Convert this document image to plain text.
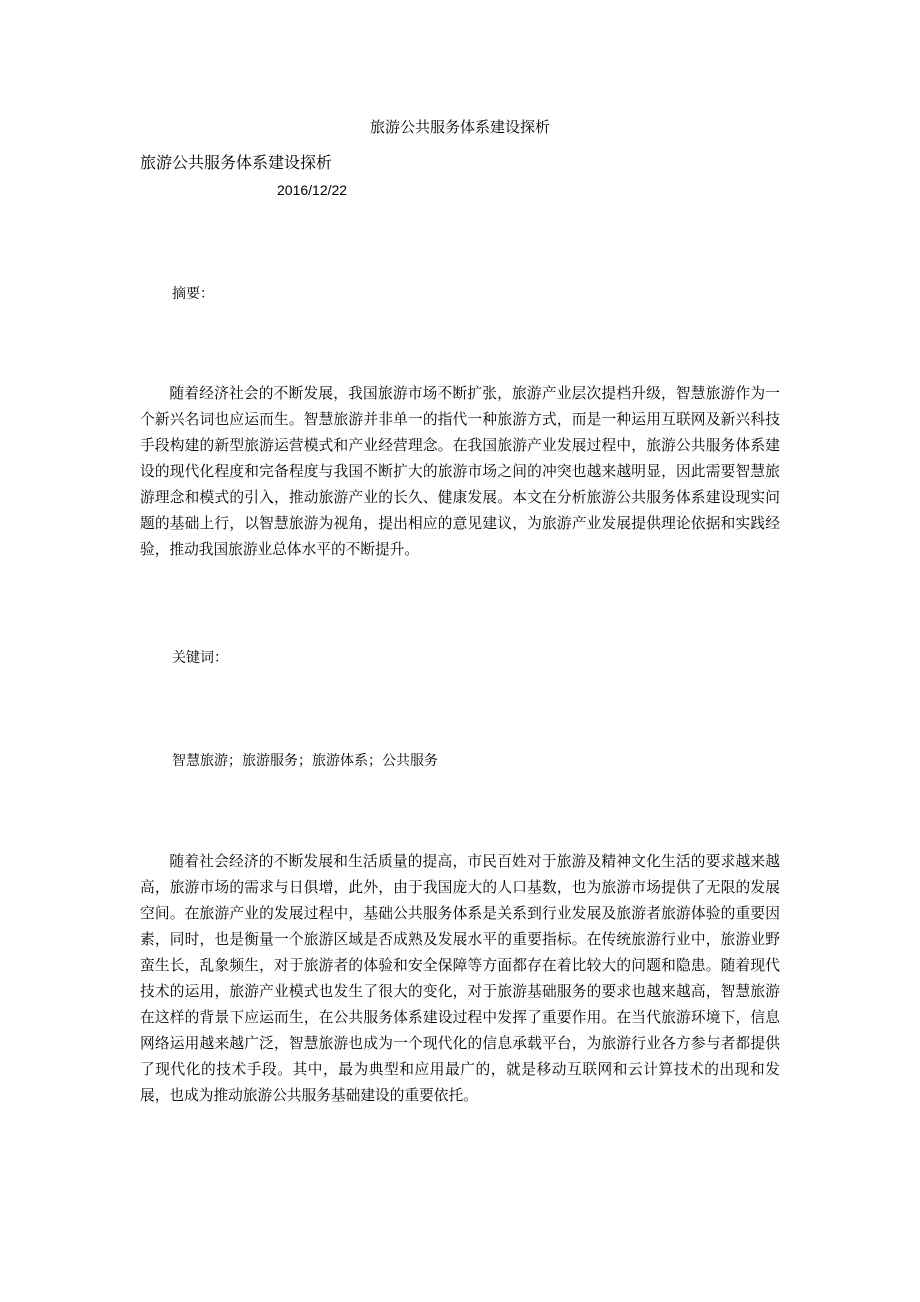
旅游公共服务体系建设探析
旅游公共服务体系建设探析
2016/12/22
摘要：

随着经济社会的不断发展，我国旅游市场不断扩张，旅游产业层次提档升级，智慧旅游作为一个新兴名词也应运而生。智慧旅游并非单一的指代一种旅游方式，而是一种运用互联网及新兴科技手段构建的新型旅游运营模式和产业经营理念。在我国旅游产业发展过程中，旅游公共服务体系建设的现代化程度和完备程度与我国不断扩大的旅游市场之间的冲突也越来越明显，因此需要智慧旅游理念和模式的引入，推动旅游产业的长久、健康发展。本文在分析旅游公共服务体系建设现实问题的基础上行，以智慧旅游为视角，提出相应的意见建议，为旅游产业发展提供理论依据和实践经验，推动我国旅游业总体水平的不断提升。

关键词：
智慧旅游；旅游服务；旅游体系；公共服务

随着社会经济的不断发展和生活质量的提高，市民百姓对于旅游及精神文化生活的要求越来越高，旅游市场的需求与日俱增，此外，由于我国庞大的人口基数，也为旅游市场提供了无限的发展空间。在旅游产业的发展过程中，基础公共服务体系是关系到行业发展及旅游者旅游体验的重要因素，同时，也是衡量一个旅游区域是否成熟及发展水平的重要指标。在传统旅游行业中，旅游业野蛮生长，乱象频生，对于旅游者的体验和安全保障等方面都存在着比较大的问题和隐患。随着现代技术的运用，旅游产业模式也发生了很大的变化，对于旅游基础服务的要求也越来越高，智慧旅游在这样的背景下应运而生，在公共服务体系建设过程中发挥了重要作用。在当代旅游环境下，信息网络运用越来越广泛，智慧旅游也成为一个现代化的信息承载平台，为旅游行业各方参与者都提供了现代化的技术手段。其中，最为典型和应用最广的，就是移动互联网和云计算技术的出现和发展，也成为推动旅游公共服务基础建设的重要依托。
